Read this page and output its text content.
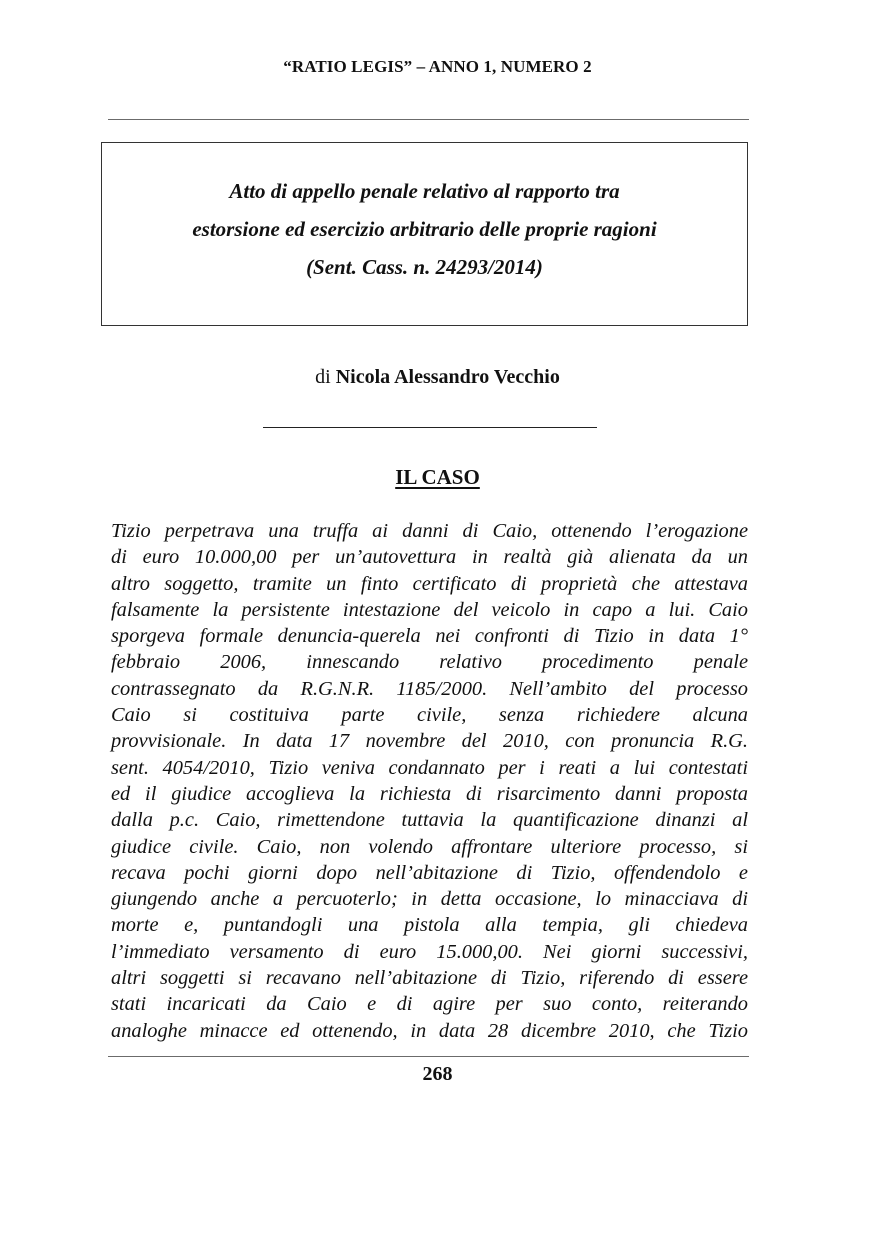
“RATIO LEGIS” – ANNO 1, NUMERO 2
Atto di appello penale relativo al rapporto tra
estorsione ed esercizio arbitrario delle proprie ragioni
(Sent. Cass. n. 24293/2014)
di Nicola Alessandro Vecchio
IL CASO
Tizio perpetrava una truffa ai danni di Caio, ottenendo l’erogazione
di euro 10.000,00 per un’autovettura in realtà già alienata da un
altro soggetto, tramite un finto certificato di proprietà che attestava
falsamente la persistente intestazione del veicolo in capo a lui. Caio
sporgeva formale denuncia-querela nei confronti di Tizio in data 1°
febbraio 2006, innescando relativo procedimento penale
contrassegnato da R.G.N.R. 1185/2000. Nell’ambito del processo
Caio si costituiva parte civile, senza richiedere alcuna
provvisionale. In data 17 novembre del 2010, con pronuncia R.G.
sent. 4054/2010, Tizio veniva condannato per i reati a lui contestati
ed il giudice accoglieva la richiesta di risarcimento danni proposta
dalla p.c. Caio, rimettendone tuttavia la quantificazione dinanzi al
giudice civile. Caio, non volendo affrontare ulteriore processo, si
recava pochi giorni dopo nell’abitazione di Tizio, offendendolo e
giungendo anche a percuoterlo; in detta occasione, lo minacciava di
morte e, puntandogli una pistola alla tempia, gli chiedeva
l’immediato versamento di euro 15.000,00. Nei giorni successivi,
altri soggetti si recavano nell’abitazione di Tizio, riferendo di essere
stati incaricati da Caio e di agire per suo conto, reiterando
analoghe minacce ed ottenendo, in data 28 dicembre 2010, che Tizio
268
